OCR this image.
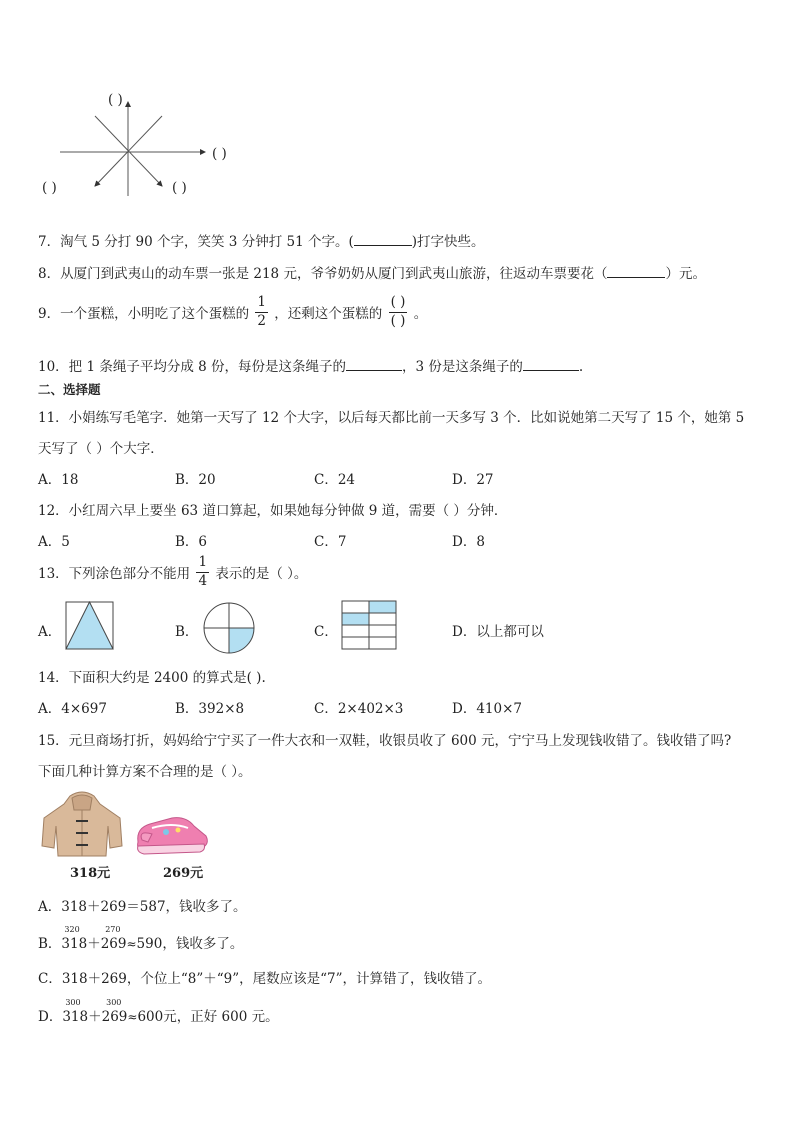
( )
( )
( )	( )
7．淘气 5 分打 90 个字，笑笑 3 分钟打 51 个字。(	)打字快些。
8．从厦门到武夷山的动车票一张是 218 元，爷爷奶奶从厦门到武夷山旅游，往返动车票要花（	）元。
9．一个蛋糕，小明吃了这个蛋糕的 $\frac{1}{2}$ ，还剩这个蛋糕的 $\frac{( )}{( )}$ 。
10．把 1 条绳子平均分成 8 份，每份是这条绳子的	，3 份是这条绳子的	.
二、选择题
11．小娟练写毛笔字．她第一天写了 12 个大字，以后每天都比前一天多写 3 个．比如说她第二天写了 15 个，她第 5
天写了（ ）个大字．
A．18	B．20	C．24	D．27
12．小红周六早上要坐 63 道口算起，如果她每分钟做 9 道，需要（ ）分钟．
A．5	B．6	C．7	D．8
13．下列涂色部分不能用 $\frac{1}{4}$ 表示的是（ ）。
A．	B．	C．	D．以上都可以
14．下面积大约是 2400 的算式是( ).
A．4×697	B．392×8	C．2×402×3	D．410×7
15．元旦商场打折，妈妈给宁宁买了一件大衣和一双鞋，收银员收了 600 元，宁宁马上发现钱收错了。钱收错了吗?
下面几种计算方案不合理的是（ ）。
318元	269元
A．318＋269＝587，钱收多了。
B．
320
318
270
＋269≈590，钱收多了。
C．318＋269，个位上“8”＋“9”，尾数应该是“7”，计算错了，钱收错了。
D．
300
318
300
＋269≈600元，正好 600 元。
